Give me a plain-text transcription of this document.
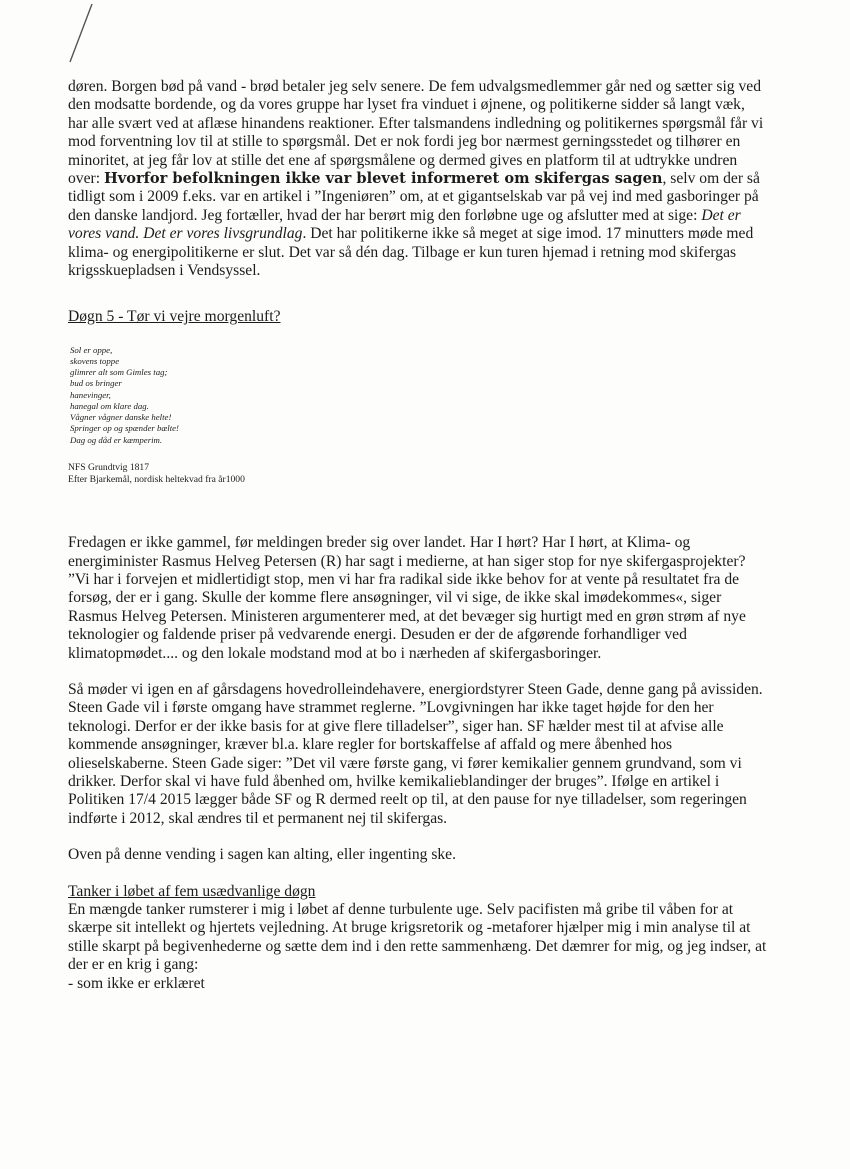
døren. Borgen bød på vand - brød betaler jeg selv senere. De fem udvalgsmedlemmer går ned og sætter sig ved den modsatte bordende, og da vores gruppe har lyset fra vinduet i øjnene, og politikerne sidder så langt væk, har alle svært ved at aflæse hinandens reaktioner. Efter talsmandens indledning og politikernes spørgsmål får vi mod forventning lov til at stille to spørgsmål. Det er nok fordi jeg bor nærmest gerningsstedet og tilhører en minoritet, at jeg får lov at stille det ene af spørgsmålene og dermed gives en platform til at udtrykke undren over: Hvorfor befolkningen ikke var blevet informeret om skifergas sagen, selv om der så tidligt som i 2009 f.eks. var en artikel i ”Ingeniøren” om, at et gigantselskab var på vej ind med gasboringer på den danske landjord. Jeg fortæller, hvad der har berørt mig den forløbne uge og afslutter med at sige: Det er vores vand. Det er vores livsgrundlag. Det har politikerne ikke så meget at sige imod. 17 minutters møde med klima- og energipolitikerne er slut. Det var så dén dag. Tilbage er kun turen hjemad i retning mod skifergas krigsskuepladsen i Vendsyssel.

Døgn 5 - Tør vi vejre morgenluft?
Sol er oppe,
skovens toppe
glimrer alt som Gimles tag;
bud os bringer
hanevinger,
hanegal om klare dag.
Vågner vågner danske helte!
Springer op og spænder bælte!
Dag og dåd er kæmperim.
NFS Grundtvig 1817
Efter Bjarkemål, nordisk heltekvad fra år1000

Fredagen er ikke gammel, før meldingen breder sig over landet. Har I hørt? Har I hørt, at Klima- og energiminister Rasmus Helveg Petersen (R) har sagt i medierne, at han siger stop for nye skifergasprojekter? ”Vi har i forvejen et midlertidigt stop, men vi har fra radikal side ikke behov for at vente på resultatet fra de forsøg, der er i gang. Skulle der komme flere ansøgninger, vil vi sige, de ikke skal imødekommes«, siger Rasmus Helveg Petersen. Ministeren argumenterer med, at det bevæger sig hurtigt med en grøn strøm af nye teknologier og faldende priser på vedvarende energi. Desuden er der de afgørende forhandliger ved klimatopmødet.... og den lokale modstand mod at bo i nærheden af skifergasboringer.

Så møder vi igen en af gårsdagens hovedrolleindehavere, energiordstyrer Steen Gade, denne gang på avissiden. Steen Gade vil i første omgang have strammet reglerne. ”Lovgivningen har ikke taget højde for den her teknologi. Derfor er der ikke basis for at give flere tilladelser”, siger han. SF hælder mest til at afvise alle kommende ansøgninger, kræver bl.a. klare regler for bortskaffelse af affald og mere åbenhed hos olieselskaberne. Steen Gade siger: ”Det vil være første gang, vi fører kemikalier gennem grundvand, som vi drikker. Derfor skal vi have fuld åbenhed om, hvilke kemikalieblandinger der bruges”. Ifølge en artikel i Politiken 17/4 2015 lægger både SF og R dermed reelt op til, at den pause for nye tilladelser, som regeringen indførte i 2012, skal ændres til et permanent nej til skifergas.

Oven på denne vending i sagen kan alting, eller ingenting ske.

Tanker i løbet af fem usædvanlige døgn

En mængde tanker rumsterer i mig i løbet af denne turbulente uge. Selv pacifisten må gribe til våben for at skærpe sit intellekt og hjertets vejledning. At bruge krigsretorik og -metaforer hjælper mig i min analyse til at stille skarpt på begivenhederne og sætte dem ind i den rette sammenhæng. Det dæmrer for mig, og jeg indser, at der er en krig i gang:

- som ikke er erklæret
